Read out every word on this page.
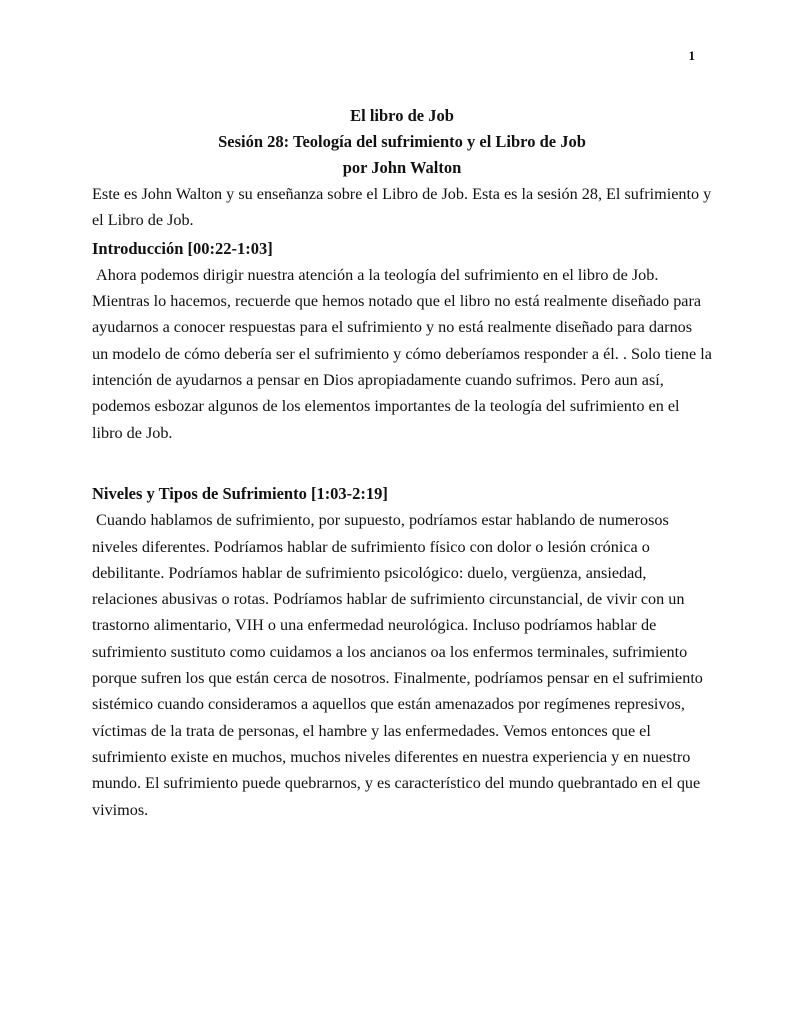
1

El libro de Job

Sesión 28: Teología del sufrimiento y el Libro de Job

por John Walton

Este es John Walton y su enseñanza sobre el Libro de Job. Esta es la sesión 28, El sufrimiento y el Libro de Job.

Introducción [00:22-1:03]

Ahora podemos dirigir nuestra atención a la teología del sufrimiento en el libro de Job. Mientras lo hacemos, recuerde que hemos notado que el libro no está realmente diseñado para ayudarnos a conocer respuestas para el sufrimiento y no está realmente diseñado para darnos un modelo de cómo debería ser el sufrimiento y cómo deberíamos responder a él. . Solo tiene la intención de ayudarnos a pensar en Dios apropiadamente cuando sufrimos. Pero aun así, podemos esbozar algunos de los elementos importantes de la teología del sufrimiento en el libro de Job.

Niveles y Tipos de Sufrimiento [1:03-2:19]

Cuando hablamos de sufrimiento, por supuesto, podríamos estar hablando de numerosos niveles diferentes. Podríamos hablar de sufrimiento físico con dolor o lesión crónica o debilitante. Podríamos hablar de sufrimiento psicológico: duelo, vergüenza, ansiedad, relaciones abusivas o rotas. Podríamos hablar de sufrimiento circunstancial, de vivir con un trastorno alimentario, VIH o una enfermedad neurológica. Incluso podríamos hablar de sufrimiento sustituto como cuidamos a los ancianos oa los enfermos terminales, sufrimiento porque sufren los que están cerca de nosotros. Finalmente, podríamos pensar en el sufrimiento sistémico cuando consideramos a aquellos que están amenazados por regímenes represivos, víctimas de la trata de personas, el hambre y las enfermedades. Vemos entonces que el sufrimiento existe en muchos, muchos niveles diferentes en nuestra experiencia y en nuestro mundo. El sufrimiento puede quebrarnos, y es característico del mundo quebrantado en el que vivimos.
